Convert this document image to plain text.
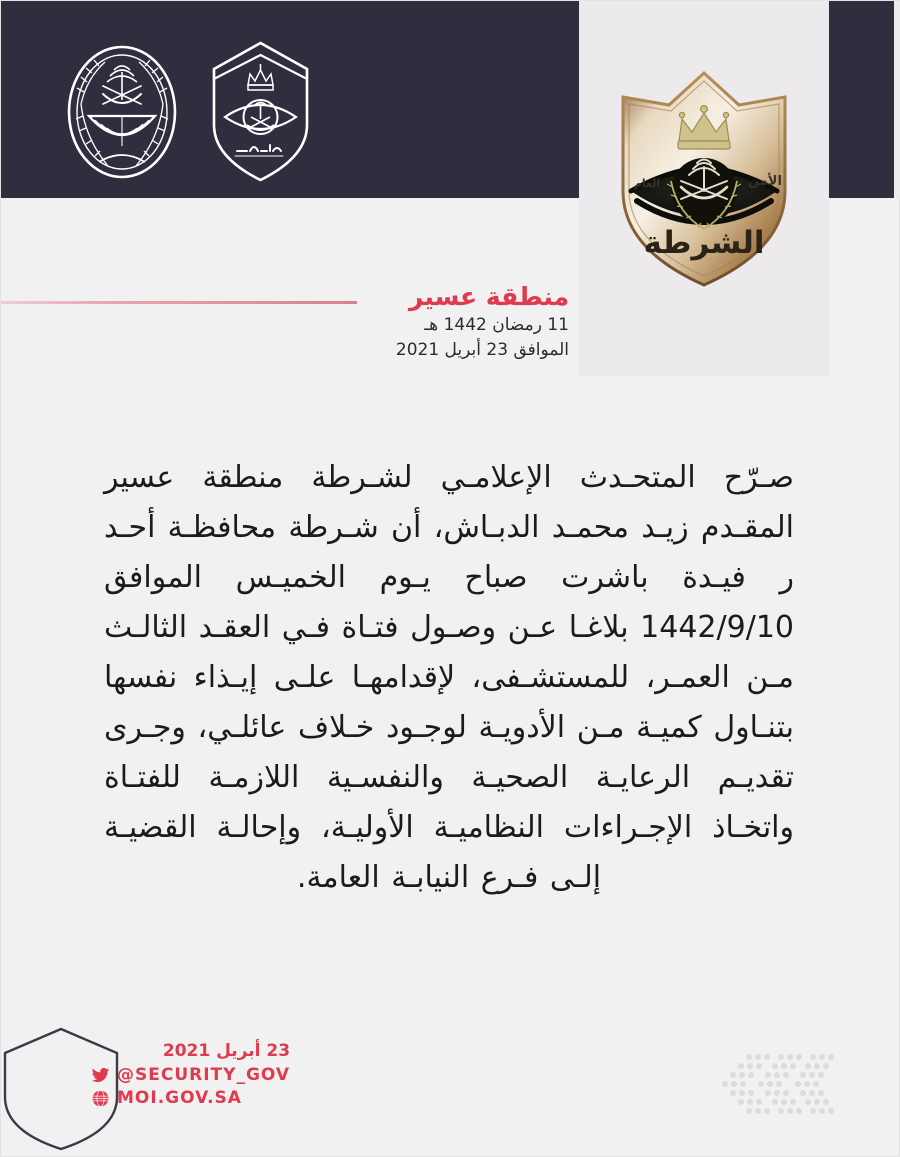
الأمن
العام
الشرطة
منطقة عسير
11 رمضان 1442 هـ
الموافق 23 أبريل 2021
صـرّح المتحـدث الإعلامـي لشـرطة منطقة عسير المقـدم زيـد محمـد الدبـاش، أن شـرطة محافظـة أحـد ر فيـدة باشرت صباح يـوم الخميـس الموافق 1442/9/10 بلاغـا عـن وصـول فتـاة فـي العقـد الثالـث مـن العمـر، للمستشـفى، لإقدامهـا علـى إيـذاء نفسها بتنـاول كميـة مـن الأدويـة لوجـود خـلاف عائلـي، وجـرى تقديـم الرعايـة الصحيـة والنفسـية اللازمـة للفتـاة واتخـاذ الإجـراءات النظاميـة الأوليـة، وإحالـة القضيـة إلـى فـرع النيابـة العامة.
23 أبريل 2021
@SECURITY_GOV
MOI.GOV.SA
